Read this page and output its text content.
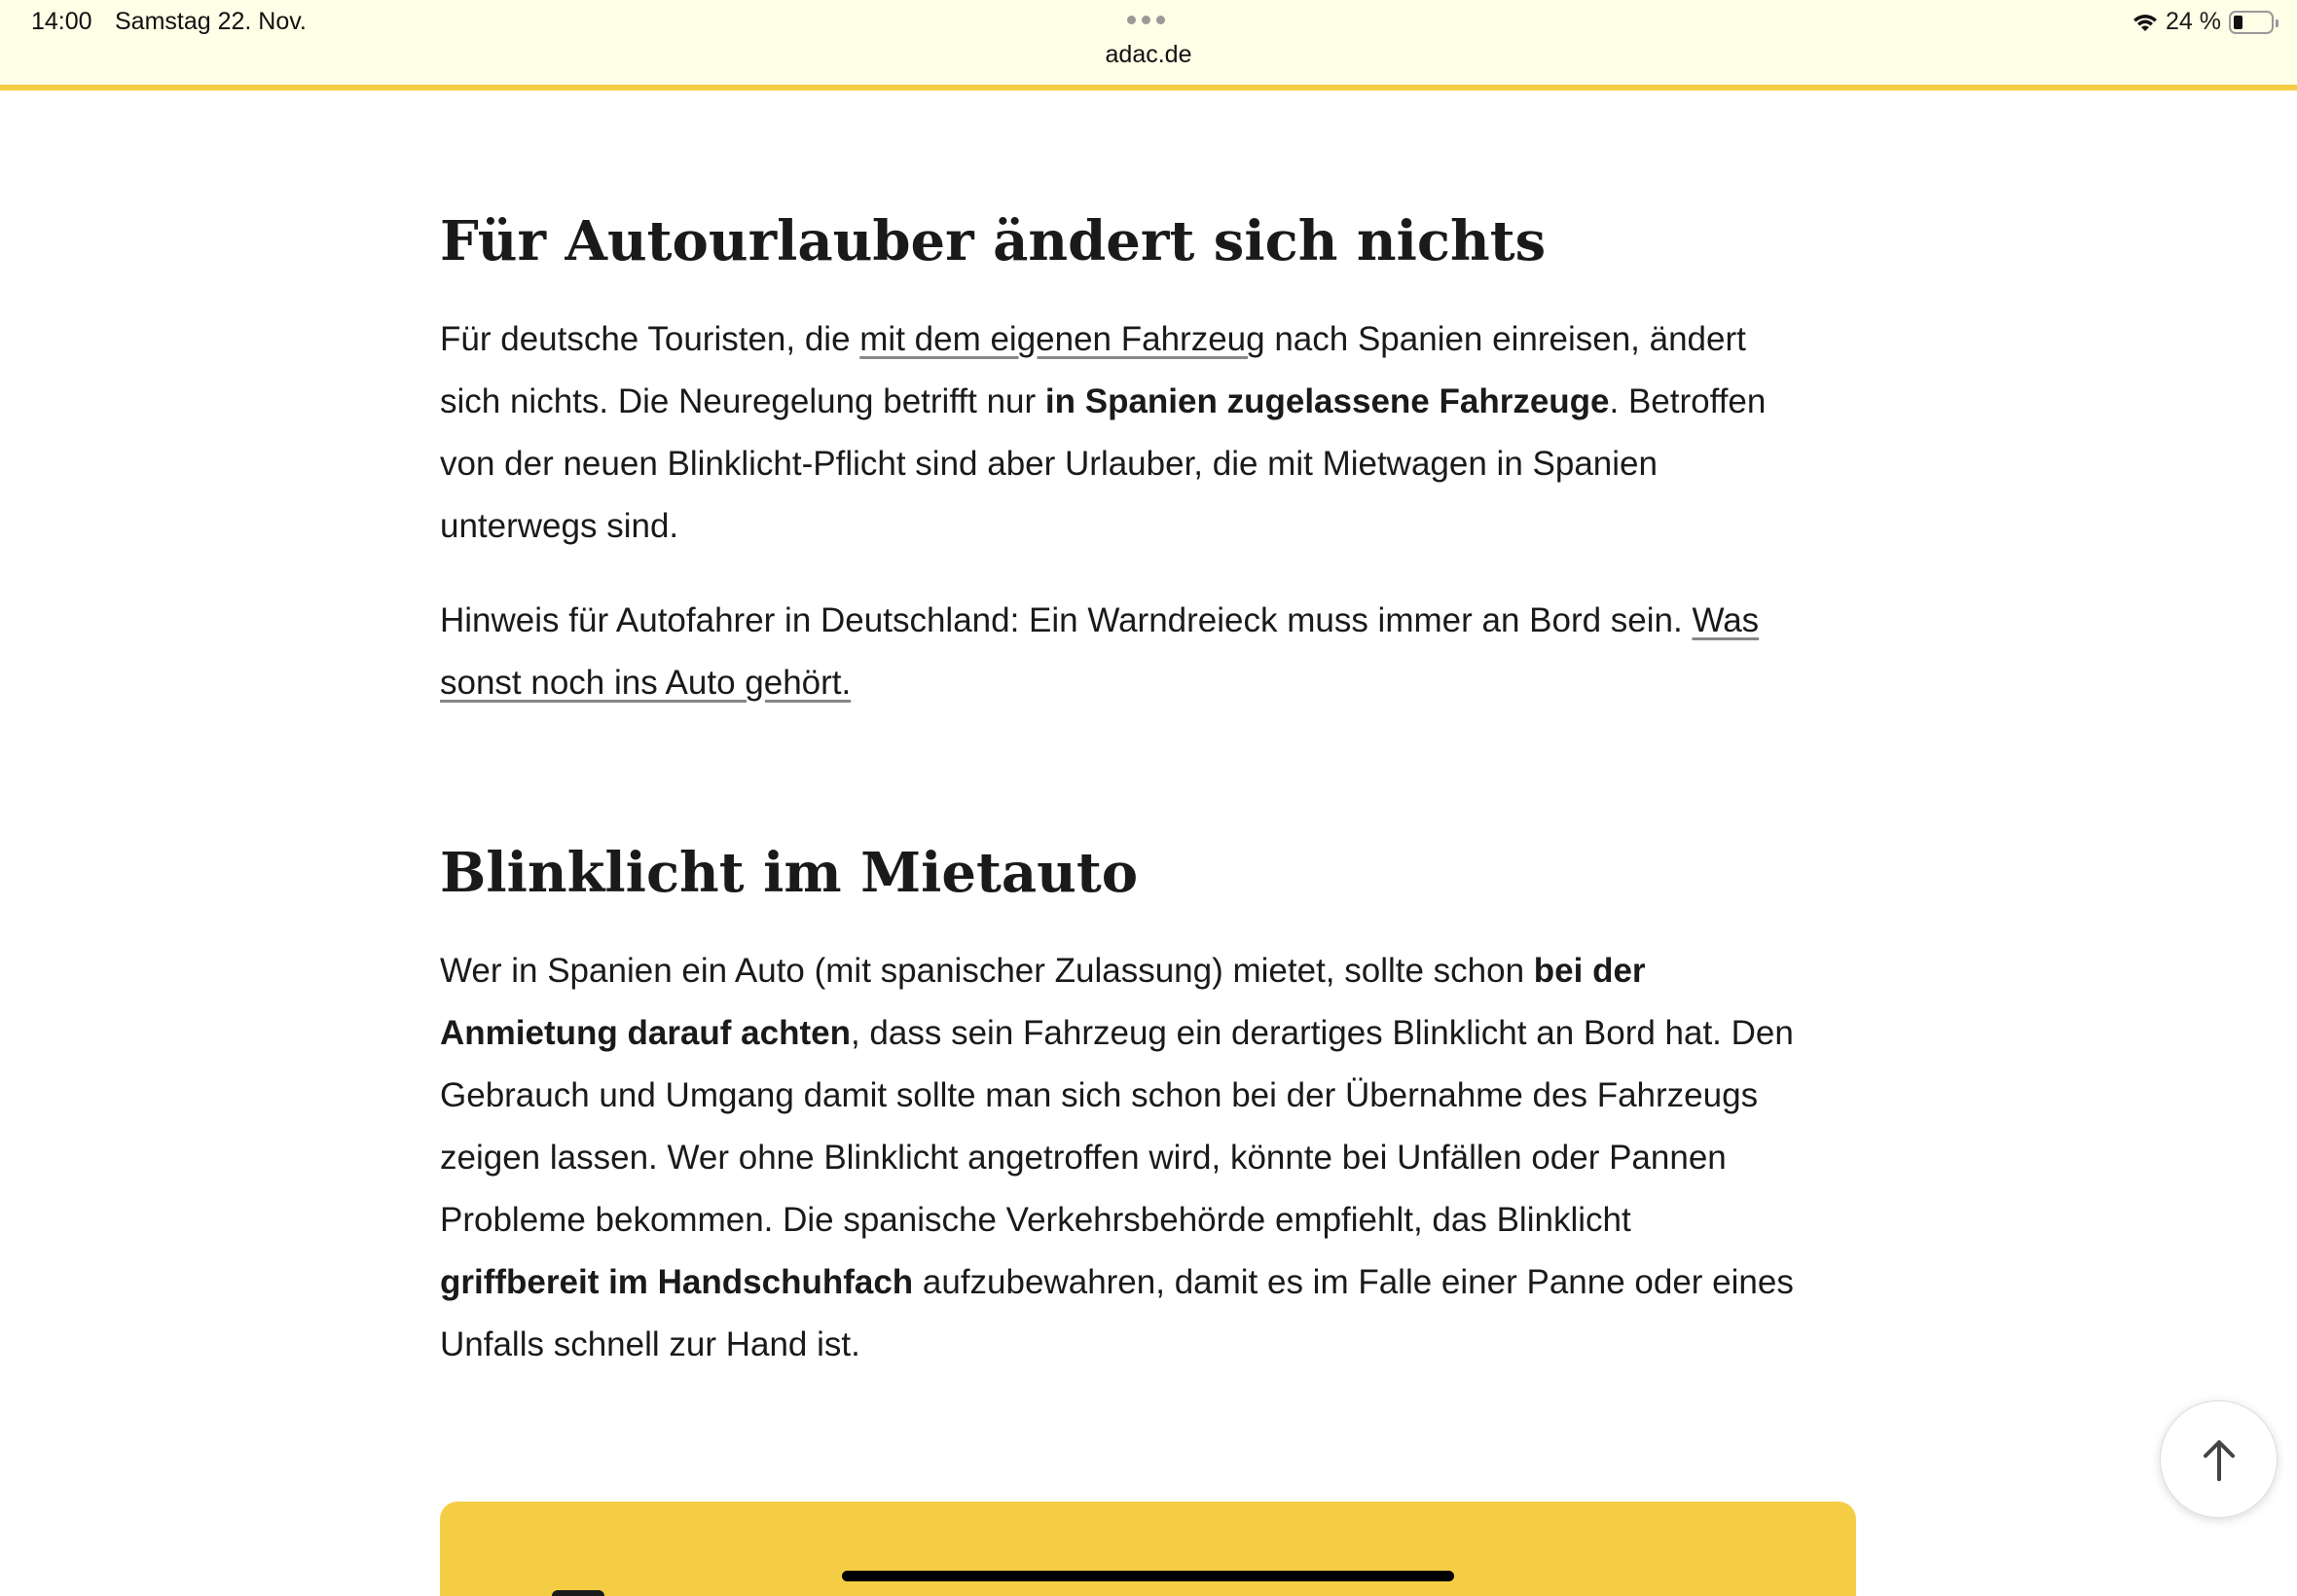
14:00 Samstag 22. Nov.
adac.de
24 %
Für Autourlauber ändert sich nichts
Für deutsche Touristen, die mit dem eigenen Fahrzeug nach Spanien einreisen, ändert
sich nichts. Die Neuregelung betrifft nur in Spanien zugelassene Fahrzeuge. Betroffen
von der neuen Blinklicht-Pflicht sind aber Urlauber, die mit Mietwagen in Spanien
unterwegs sind.
Hinweis für Autofahrer in Deutschland: Ein Warndreieck muss immer an Bord sein. Was
sonst noch ins Auto gehört.
Blinklicht im Mietauto
Wer in Spanien ein Auto (mit spanischer Zulassung) mietet, sollte schon bei der
Anmietung darauf achten, dass sein Fahrzeug ein derartiges Blinklicht an Bord hat. Den
Gebrauch und Umgang damit sollte man sich schon bei der Übernahme des Fahrzeugs
zeigen lassen. Wer ohne Blinklicht angetroffen wird, könnte bei Unfällen oder Pannen
Probleme bekommen. Die spanische Verkehrsbehörde empfiehlt, das Blinklicht
griffbereit im Handschuhfach aufzubewahren, damit es im Falle einer Panne oder eines
Unfalls schnell zur Hand ist.
